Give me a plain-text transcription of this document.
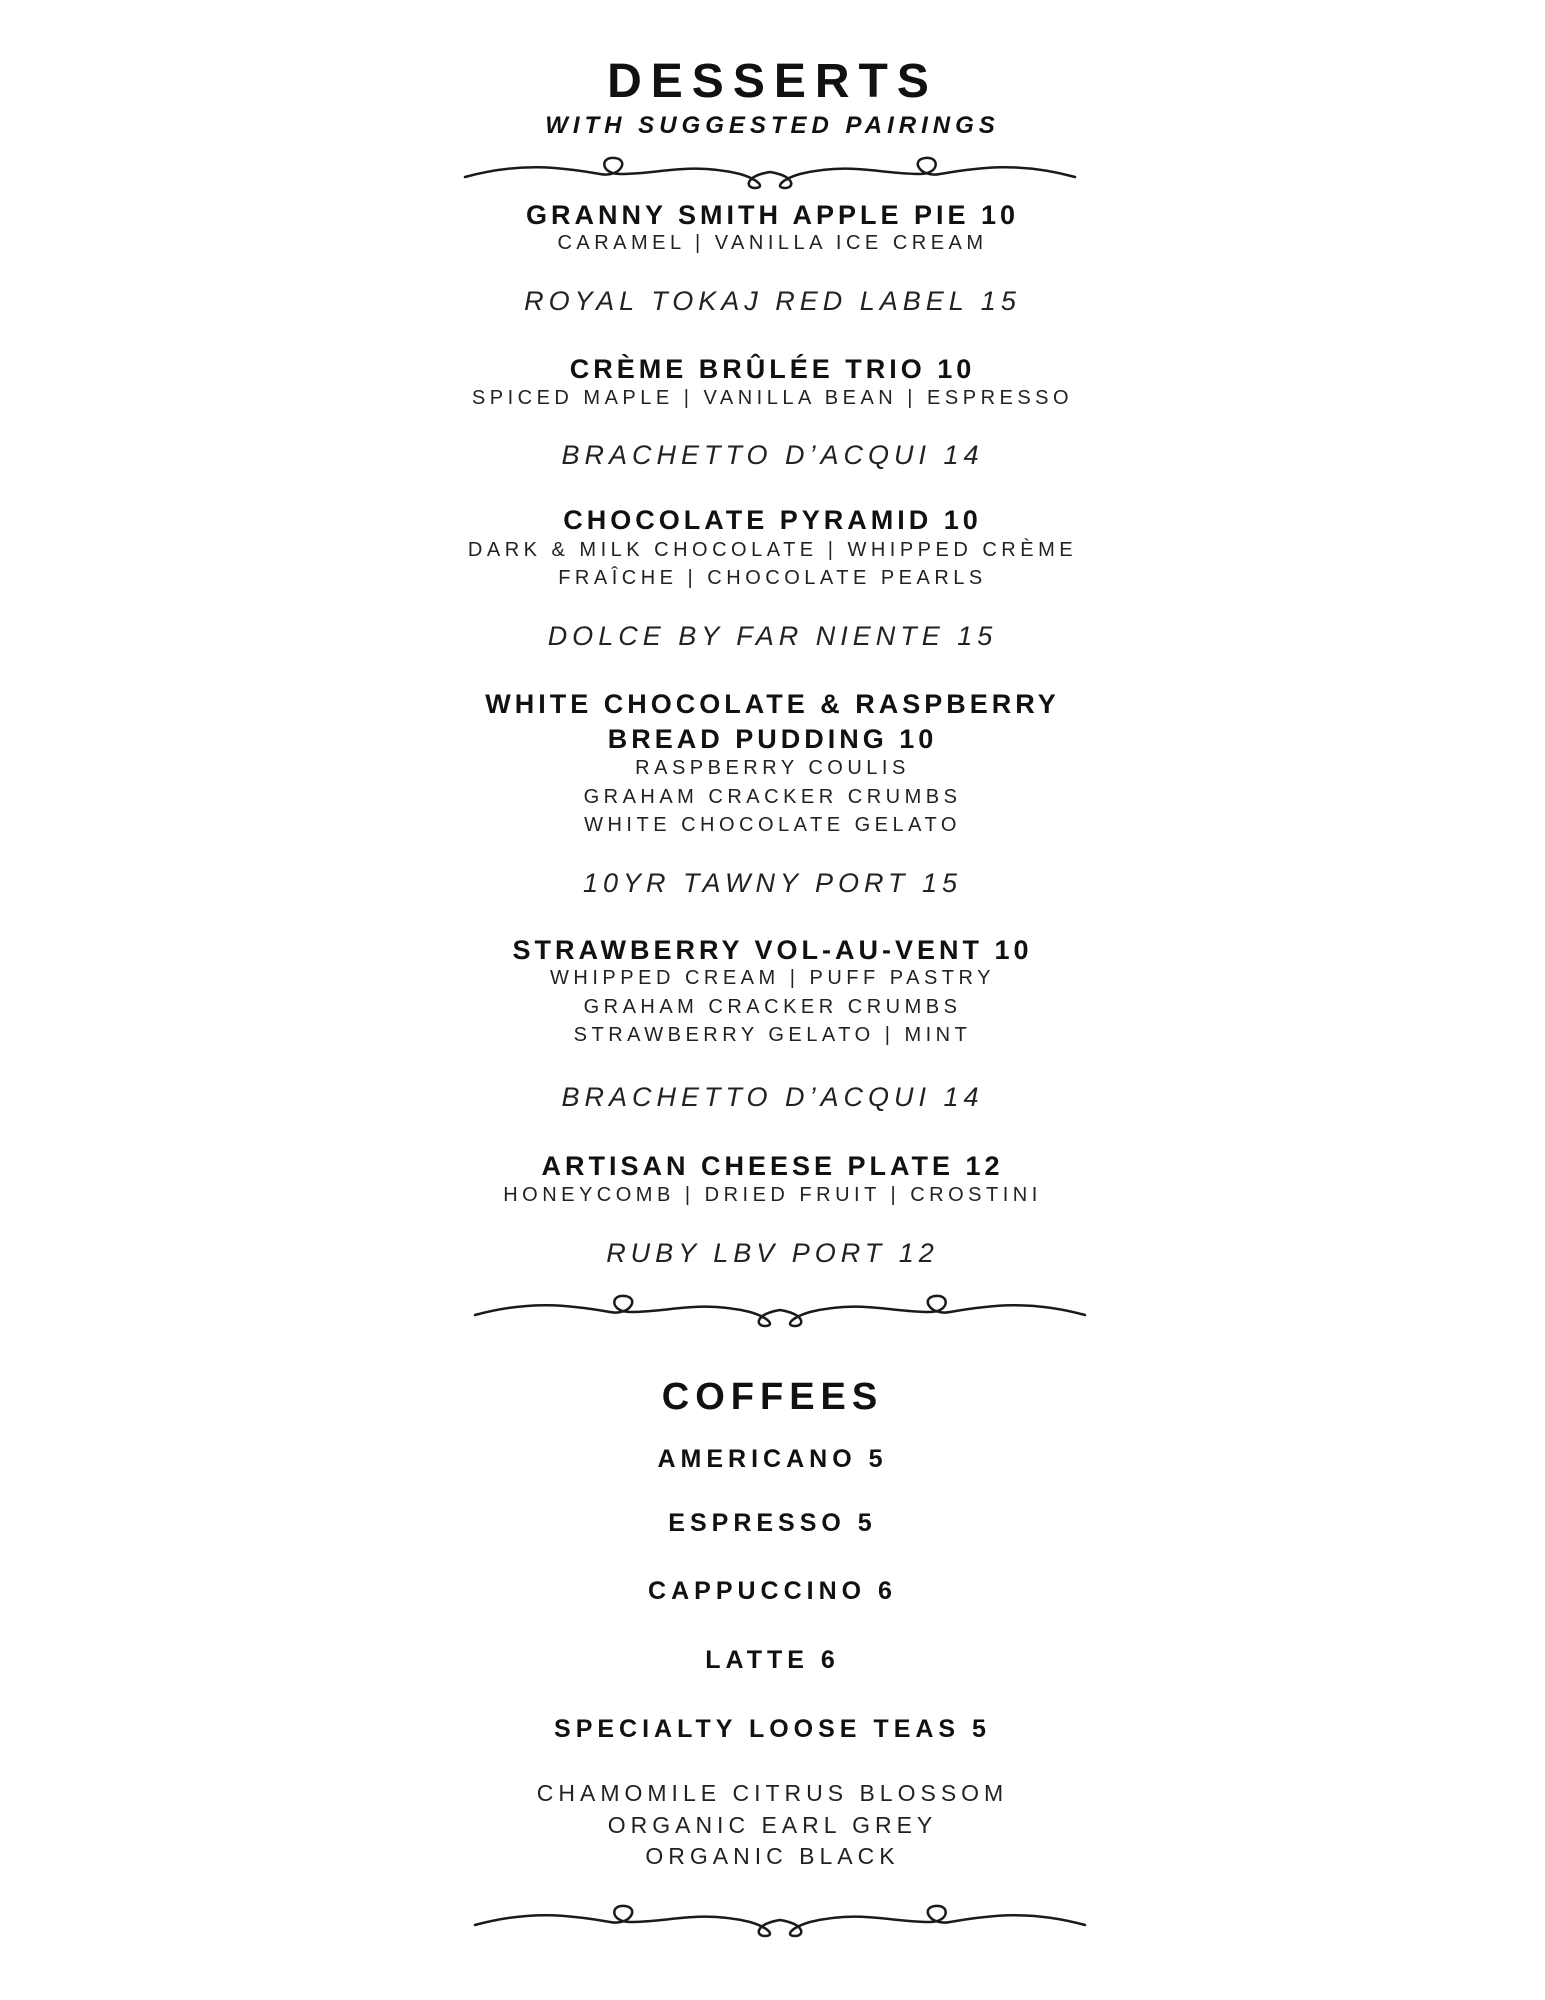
DESSERTS
WITH SUGGESTED PAIRINGS
GRANNY SMITH APPLE PIE 10
CARAMEL | VANILLA ICE CREAM
ROYAL TOKAJ RED LABEL 15
CRÈME BRÛLÉE TRIO 10
SPICED MAPLE | VANILLA BEAN | ESPRESSO
BRACHETTO D’ACQUI 14
CHOCOLATE PYRAMID 10
DARK & MILK CHOCOLATE | WHIPPED CRÈME
FRAÎCHE | CHOCOLATE PEARLS
DOLCE BY FAR NIENTE 15
WHITE CHOCOLATE & RASPBERRY
BREAD PUDDING 10
RASPBERRY COULIS
GRAHAM CRACKER CRUMBS
WHITE CHOCOLATE GELATO
10YR TAWNY PORT 15
STRAWBERRY VOL-AU-VENT 10
WHIPPED CREAM | PUFF PASTRY
GRAHAM CRACKER CRUMBS
STRAWBERRY GELATO | MINT
BRACHETTO D’ACQUI 14
ARTISAN CHEESE PLATE 12
HONEYCOMB | DRIED FRUIT | CROSTINI
RUBY LBV PORT 12
COFFEES
AMERICANO 5
ESPRESSO 5
CAPPUCCINO 6
LATTE 6
SPECIALTY LOOSE TEAS 5
CHAMOMILE CITRUS BLOSSOM
ORGANIC EARL GREY
ORGANIC BLACK
